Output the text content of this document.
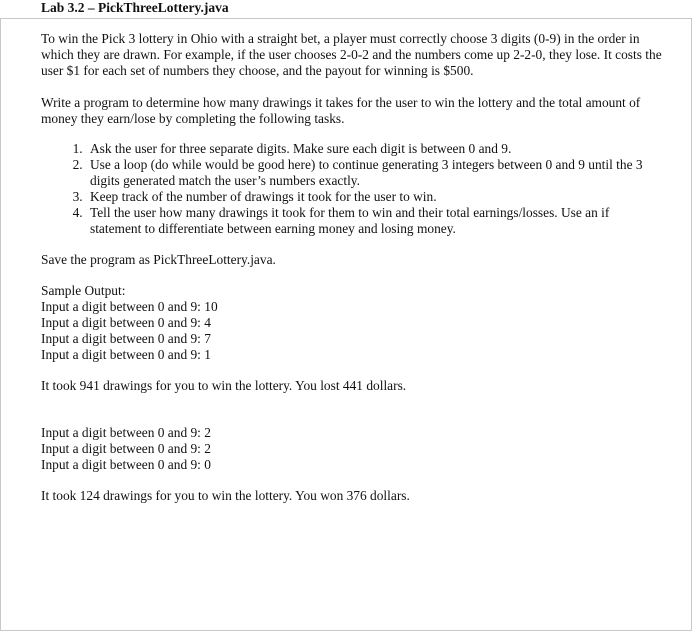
Lab 3.2 – PickThreeLottery.java

To win the Pick 3 lottery in Ohio with a straight bet, a player must correctly choose 3 digits (0-9) in the order in which they are drawn. For example, if the user chooses 2-0-2 and the numbers come up 2-2-0, they lose. It costs the user $1 for each set of numbers they choose, and the payout for winning is $500.

Write a program to determine how many drawings it takes for the user to win the lottery and the total amount of money they earn/lose by completing the following tasks.

1. Ask the user for three separate digits. Make sure each digit is between 0 and 9.
2. Use a loop (do while would be good here) to continue generating 3 integers between 0 and 9 until the 3 digits generated match the user’s numbers exactly.
3. Keep track of the number of drawings it took for the user to win.
4. Tell the user how many drawings it took for them to win and their total earnings/losses. Use an if statement to differentiate between earning money and losing money.

Save the program as PickThreeLottery.java.

Sample Output:
Input a digit between 0 and 9: 10
Input a digit between 0 and 9: 4
Input a digit between 0 and 9: 7
Input a digit between 0 and 9: 1

It took 941 drawings for you to win the lottery. You lost 441 dollars.

Input a digit between 0 and 9: 2
Input a digit between 0 and 9: 2
Input a digit between 0 and 9: 0

It took 124 drawings for you to win the lottery. You won 376 dollars.
